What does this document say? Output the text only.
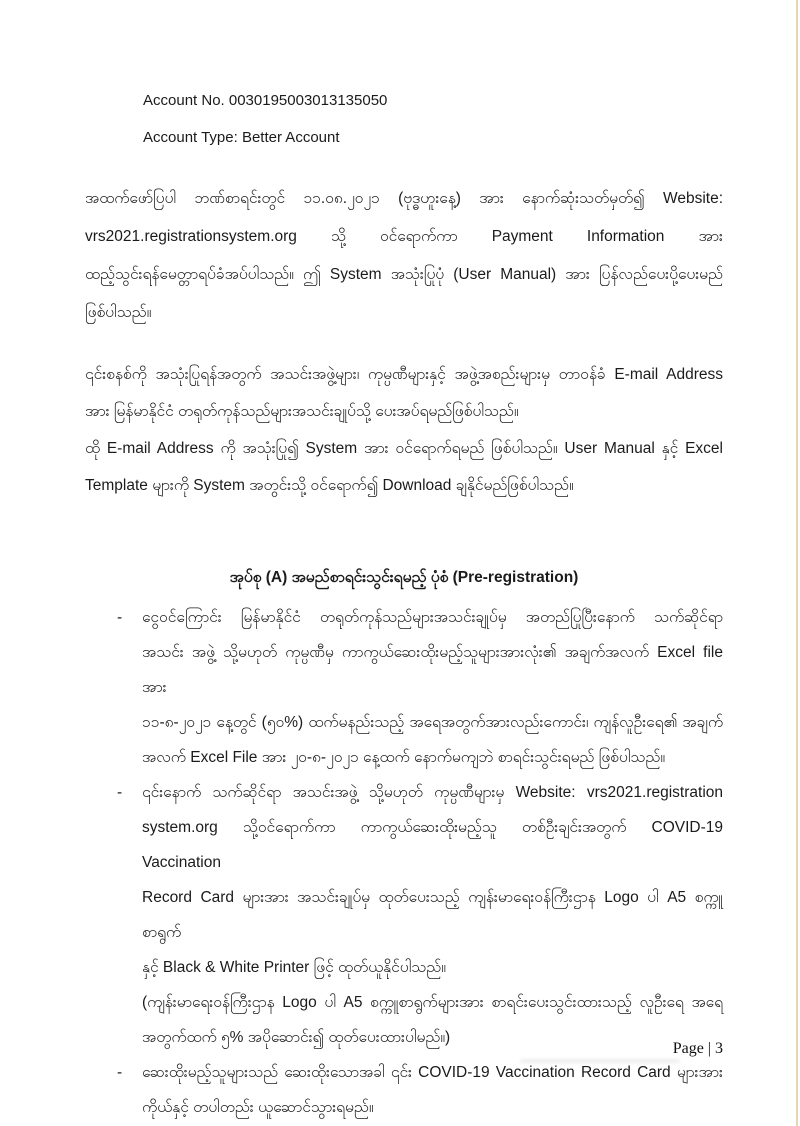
Account No. 0030195003013135050
Account Type: Better Account
အထက်ဖော်ပြပါ ဘဏ်စာရင်းတွင် ၁၁.၀၈.၂၀၂၁ (ဗုဒ္ဓဟူးနေ့) အား နောက်ဆုံးသတ်မှတ်၍ Website:
vrs2021.registrationsystem.org သို့ ဝင်ရောက်ကာ Payment Information အား
ထည့်သွင်းရန်မေတ္တာရပ်ခံအပ်ပါသည်။ ဤ System အသုံးပြုပုံ (User Manual) အား ပြန်လည်ပေးပို့ပေးမည်
ဖြစ်ပါသည်။
၎င်းစနစ်ကို အသုံးပြုရန်အတွက် အသင်းအဖွဲ့များ၊ ကုမ္ပဏီများနှင့် အဖွဲ့အစည်းများမှ တာဝန်ခံ E-mail Address
အား မြန်မာနိုင်ငံ တရုတ်ကုန်သည်များအသင်းချုပ်သို့ ပေးအပ်ရမည်ဖြစ်ပါသည်။
ထို E-mail Address ကို အသုံးပြု၍ System အား ဝင်ရောက်ရမည် ဖြစ်ပါသည်။ User Manual နှင့် Excel
Template များကို System အတွင်းသို့ ဝင်ရောက်၍ Download ချနိုင်မည်ဖြစ်ပါသည်။
အုပ်စု (A) အမည်စာရင်းသွင်းရမည့် ပုံစံ (Pre-registration)
-	ငွေဝင်ကြောင်း မြန်မာနိုင်ငံ တရုတ်ကုန်သည်များအသင်းချုပ်မှ အတည်ပြုပြီးနောက် သက်ဆိုင်ရာ
အသင်း အဖွဲ့ သို့မဟုတ် ကုမ္ပဏီမှ ကာကွယ်ဆေးထိုးမည့်သူများအားလုံး၏ အချက်အလက် Excel file အား
၁၁-၈-၂၀၂၁ နေ့တွင် (၅၀%) ထက်မနည်းသည့် အရေအတွက်အားလည်းကောင်း၊ ကျန်လူဦးရေ၏ အချက်
အလက် Excel File အား ၂၀-၈-၂၀၂၁ နေ့ထက် နောက်မကျဘဲ စာရင်းသွင်းရမည် ဖြစ်ပါသည်။
-	၎င်းနောက် သက်ဆိုင်ရာ အသင်းအဖွဲ့ သို့မဟုတ် ကုမ္ပဏီများမှ Website: vrs2021.registration
system.org သို့ဝင်ရောက်ကာ ကာကွယ်ဆေးထိုးမည့်သူ တစ်ဦးချင်းအတွက် COVID-19 Vaccination
Record Card များအား အသင်းချုပ်မှ ထုတ်ပေးသည့် ကျန်းမာရေးဝန်ကြီးဌာန Logo ပါ A5 စက္ကူစာရွက်
နှင့် Black & White Printer ဖြင့် ထုတ်ယူနိုင်ပါသည်။
(ကျန်းမာရေးဝန်ကြီးဌာန Logo ပါ A5 စက္ကူစာရွက်များအား စာရင်းပေးသွင်းထားသည့် လူဦးရေ အရေ
အတွက်ထက် ၅% အပိုဆောင်း၍ ထုတ်ပေးထားပါမည်။)
-	ဆေးထိုးမည့်သူများသည် ဆေးထိုးသောအခါ ၎င်း COVID-19 Vaccination Record Card များအား
ကိုယ်နှင့် တပါတည်း ယူဆောင်သွားရမည်။
Page | 3
